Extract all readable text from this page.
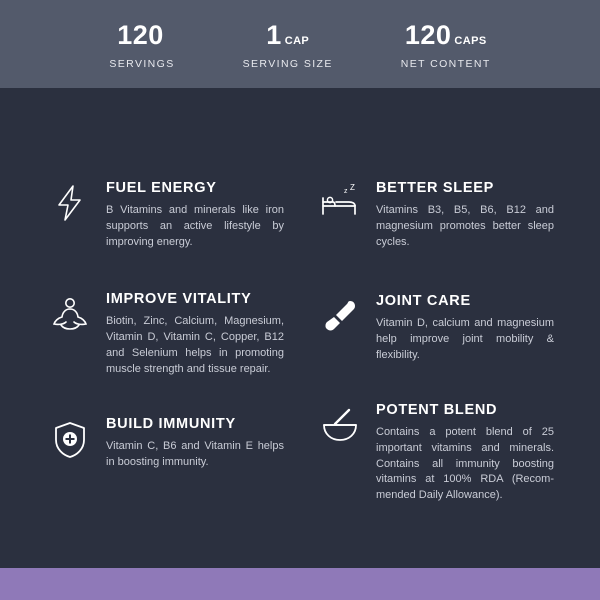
120
SERVINGS
1 CAP
SERVING SIZE
120 CAPS
NET CONTENT
FUEL ENERGY

B Vitamins and minerals like iron supports an active lifestyle by improving energy.

IMPROVE VITALITY

Biotin, Zinc, Calcium, Magnesium, Vitamin D, Vitamin C, Copper, B12 and Selenium helps in promoting muscle strength and tissue repair.

BUILD IMMUNITY

Vitamin C, B6 and Vitamin E helps in boosting immunity.

z Z BETTER SLEEP

Vitamins B3, B5, B6, B12 and magnesium promotes better sleep cycles.

JOINT CARE

Vitamin D, calcium and magnesium help improve joint mobility & flexibility.

POTENT BLEND

Contains a potent blend of 25 important vitamins and minerals. Contains all immunity boosting vitamins at 100% RDA (Recom-mended Daily Allowance).
